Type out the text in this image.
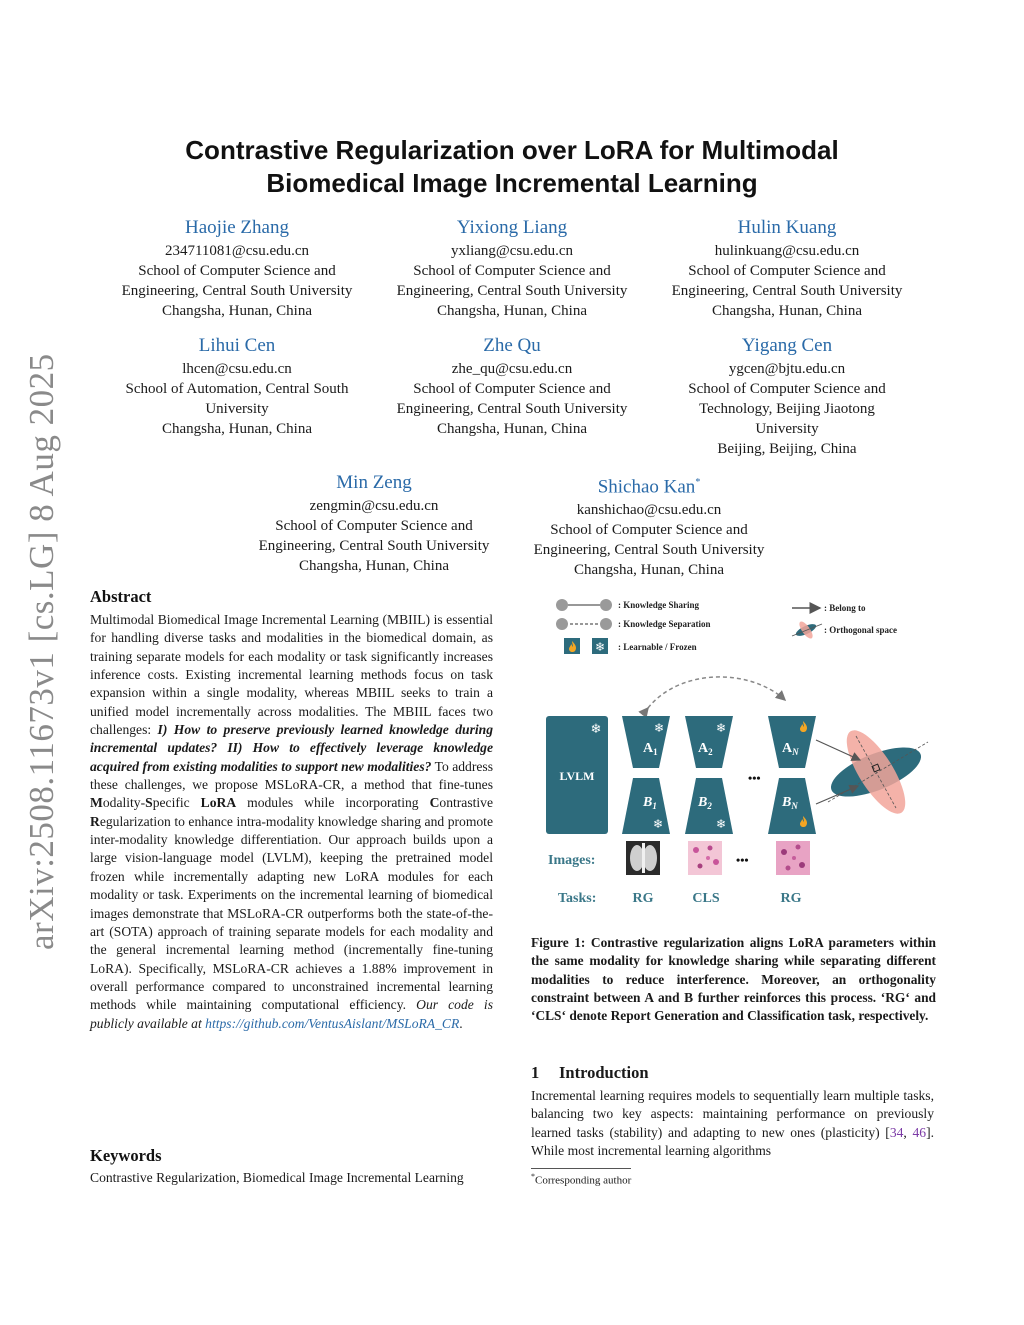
arXiv:2508.11673v1 [cs.LG] 8 Aug 2025
Contrastive Regularization over LoRA for Multimodal
Biomedical Image Incremental Learning
Haojie Zhang
234711081@csu.edu.cn
School of Computer Science and
Engineering, Central South University
Changsha, Hunan, China
Yixiong Liang
yxliang@csu.edu.cn
School of Computer Science and
Engineering, Central South University
Changsha, Hunan, China
Hulin Kuang
hulinkuang@csu.edu.cn
School of Computer Science and
Engineering, Central South University
Changsha, Hunan, China
Lihui Cen
lhcen@csu.edu.cn
School of Automation, Central South
University
Changsha, Hunan, China
Zhe Qu
zhe_qu@csu.edu.cn
School of Computer Science and
Engineering, Central South University
Changsha, Hunan, China
Yigang Cen
ygcen@bjtu.edu.cn
School of Computer Science and
Technology, Beijing Jiaotong
University
Beijing, Beijing, China
Min Zeng
zengmin@csu.edu.cn
School of Computer Science and
Engineering, Central South University
Changsha, Hunan, China
Shichao Kan*
kanshichao@csu.edu.cn
School of Computer Science and
Engineering, Central South University
Changsha, Hunan, China
Abstract
Multimodal Biomedical Image Incremental Learning (MBIIL) is essential for handling diverse tasks and modalities in the biomedical domain, as training separate models for each modality or task significantly increases inference costs. Existing incremental learning methods focus on task expansion within a single modality, whereas MBIIL seeks to train a unified model incrementally across modalities. The MBIIL faces two challenges: I) How to preserve previously learned knowledge during incremental updates? II) How to effectively leverage knowledge acquired from existing modalities to support new modalities? To address these challenges, we propose MSLoRA-CR, a method that fine-tunes Modality-Specific LoRA modules while incorporating Contrastive Regularization to enhance intra-modality knowledge sharing and promote inter-modality knowledge differentiation. Our approach builds upon a large vision-language model (LVLM), keeping the pretrained model frozen while incrementally adapting new LoRA modules for each modality or task. Experiments on the incremental learning of biomedical images demonstrate that MSLoRA-CR outperforms both the state-of-the-art (SOTA) approach of training separate models for each modality and the general incremental learning method (incrementally fine-tuning LoRA). Specifically, MSLoRA-CR achieves a 1.88% improvement in overall performance compared to unconstrained incremental learning methods while maintaining computational efficiency. Our code is publicly available at https://github.com/VentusAislant/MSLoRA_CR.
Keywords
Contrastive Regularization, Biomedical Image Incremental Learning
: Knowledge Sharing
: Knowledge Separation
❄ : Learnable / Frozen
: Belong to
: Orthogonal space
❄
LVLM
❄
❄
$A_1$
$B_1$
❄
❄
$A_2$
$B_2$
•••
$A_N$
$B_N$
Images:	•••
Tasks:	RG	CLS	RG
Figure 1: Contrastive regularization aligns LoRA parameters within the same modality for knowledge sharing while separating different modalities to reduce interference. Moreover, an orthogonality constraint between A and B further reinforces this process. ‘RG‘ and ‘CLS‘ denote Report Generation and Classification task, respectively.
1 Introduction
Incremental learning requires models to sequentially learn multiple tasks, balancing two key aspects: maintaining performance on previously learned tasks (stability) and adapting to new ones (plasticity) [34, 46]. While most incremental learning algorithms
*Corresponding author
